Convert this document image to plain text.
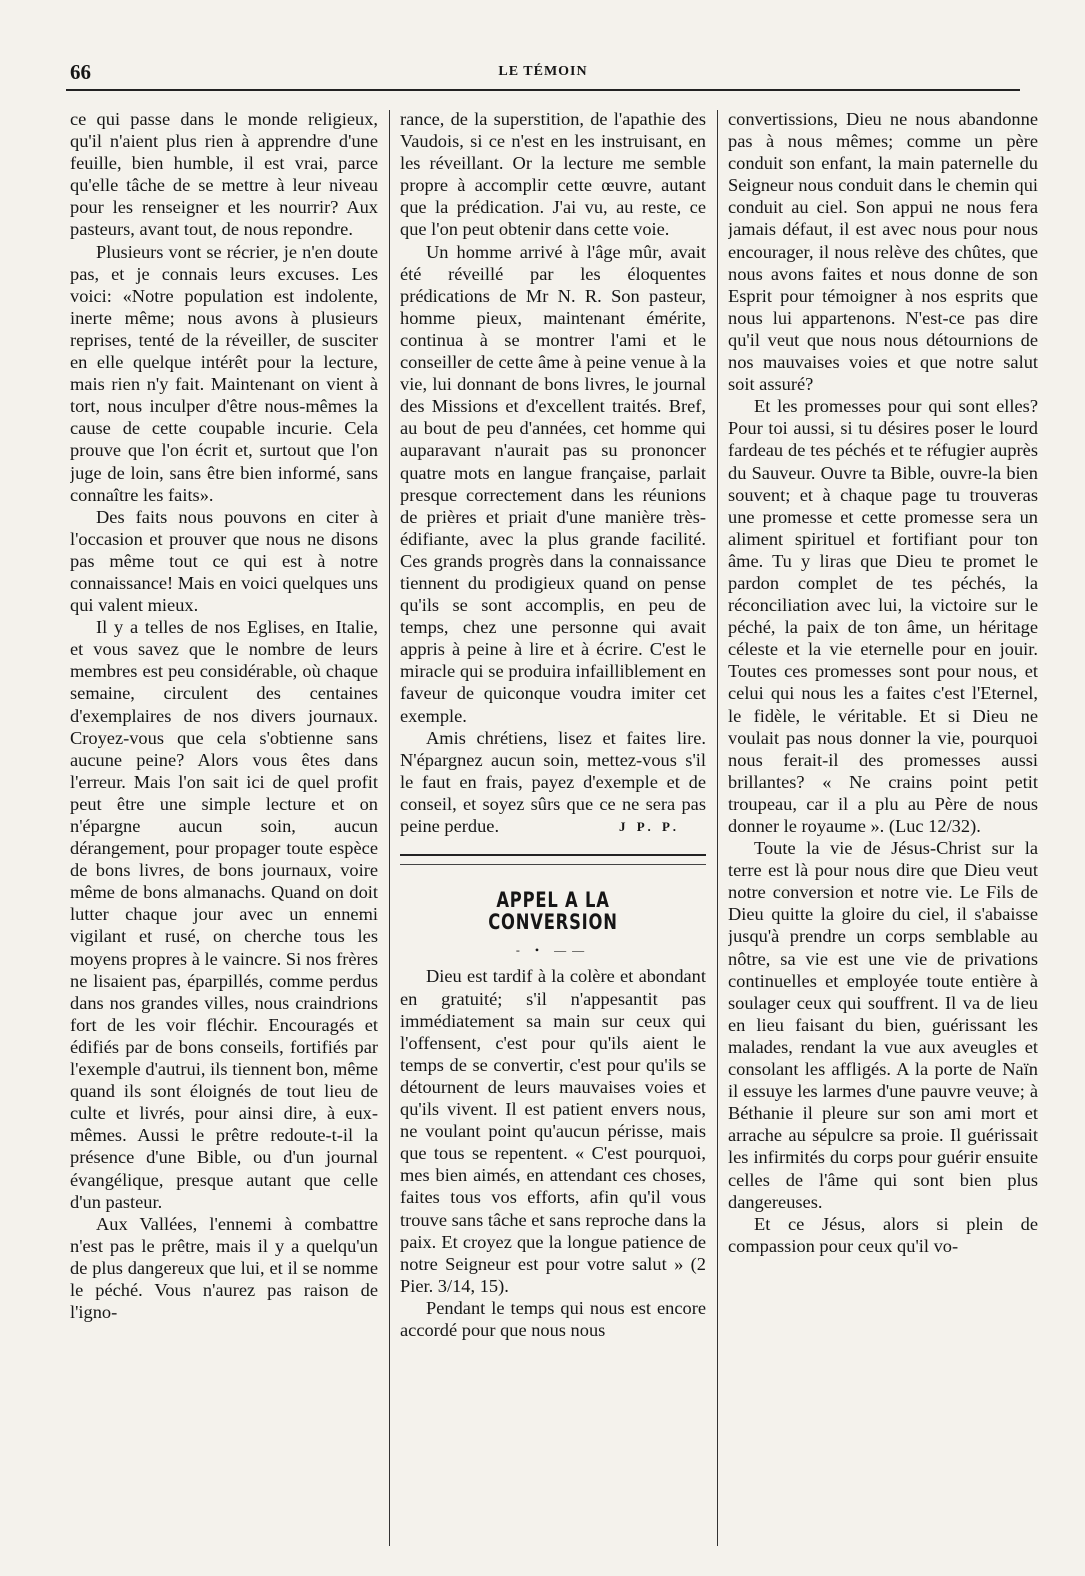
66	LE TÉMOIN

ce qui passe dans le monde religieux, qu'il n'aient plus rien à apprendre d'une feuille, bien humble, il est vrai, parce qu'elle tâche de se mettre à leur niveau pour les renseigner et les nourrir? Aux pasteurs, avant tout, de nous repondre.

Plusieurs vont se récrier, je n'en doute pas, et je connais leurs excuses. Les voici: «Notre population est indolente, inerte même; nous avons à plusieurs reprises, tenté de la réveiller, de susciter en elle quelque intérêt pour la lecture, mais rien n'y fait. Maintenant on vient à tort, nous inculper d'être nous-mêmes la cause de cette coupable incurie. Cela prouve que l'on écrit et, surtout que l'on juge de loin, sans être bien informé, sans connaître les faits».

Des faits nous pouvons en citer à l'occasion et prouver que nous ne disons pas même tout ce qui est à notre connaissance! Mais en voici quelques uns qui valent mieux.

Il y a telles de nos Eglises, en Italie, et vous savez que le nombre de leurs membres est peu considérable, où chaque semaine, circulent des centaines d'exemplaires de nos divers journaux. Croyez-vous que cela s'obtienne sans aucune peine? Alors vous êtes dans l'erreur. Mais l'on sait ici de quel profit peut être une simple lecture et on n'épargne aucun soin, aucun dérangement, pour propager toute espèce de bons livres, de bons journaux, voire même de bons almanachs. Quand on doit lutter chaque jour avec un ennemi vigilant et rusé, on cherche tous les moyens propres à le vaincre. Si nos frères ne lisaient pas, éparpillés, comme perdus dans nos grandes villes, nous craindrions fort de les voir fléchir. Encouragés et édifiés par de bons conseils, fortifiés par l'exemple d'autrui, ils tiennent bon, même quand ils sont éloignés de tout lieu de culte et livrés, pour ainsi dire, à eux-mêmes. Aussi le prêtre redoute-t-il la présence d'une Bible, ou d'un journal évangélique, presque autant que celle d'un pasteur.

Aux Vallées, l'ennemi à combattre n'est pas le prêtre, mais il y a quelqu'un de plus dangereux que lui, et il se nomme le péché. Vous n'aurez pas raison de l'igno-

rance, de la superstition, de l'apathie des Vaudois, si ce n'est en les instruisant, en les réveillant. Or la lecture me semble propre à accomplir cette œuvre, autant que la prédication. J'ai vu, au reste, ce que l'on peut obtenir dans cette voie.

Un homme arrivé à l'âge mûr, avait été réveillé par les éloquentes prédications de Mr N. R. Son pasteur, homme pieux, maintenant émérite, continua à se montrer l'ami et le conseiller de cette âme à peine venue à la vie, lui donnant de bons livres, le journal des Missions et d'excellent traités. Bref, au bout de peu d'années, cet homme qui auparavant n'aurait pas su prononcer quatre mots en langue française, parlait presque correctement dans les réunions de prières et priait d'une manière très-édifiante, avec la plus grande facilité. Ces grands progrès dans la connaissance tiennent du prodigieux quand on pense qu'ils se sont accomplis, en peu de temps, chez une personne qui avait appris à peine à lire et à écrire. C'est le miracle qui se produira infailliblement en faveur de quiconque voudra imiter cet exemple.

Amis chrétiens, lisez et faites lire. N'épargnez aucun soin, mettez-vous s'il le faut en frais, payez d'exemple et de conseil, et soyez sûrs que ce ne sera pas peine perdue.	J P. P.
APPEL A LA CONVERSION
- • ——

Dieu est tardif à la colère et abondant en gratuité; s'il n'appesantit pas immédiatement sa main sur ceux qui l'offensent, c'est pour qu'ils aient le temps de se convertir, c'est pour qu'ils se détournent de leurs mauvaises voies et qu'ils vivent. Il est patient envers nous, ne voulant point qu'aucun périsse, mais que tous se repentent. « C'est pourquoi, mes bien aimés, en attendant ces choses, faites tous vos efforts, afin qu'il vous trouve sans tâche et sans reproche dans la paix. Et croyez que la longue patience de notre Seigneur est pour votre salut » (2 Pier. 3/14, 15).

Pendant le temps qui nous est encore accordé pour que nous nous

convertissions, Dieu ne nous abandonne pas à nous mêmes; comme un père conduit son enfant, la main paternelle du Seigneur nous conduit dans le chemin qui conduit au ciel. Son appui ne nous fera jamais défaut, il est avec nous pour nous encourager, il nous relève des chûtes, que nous avons faites et nous donne de son Esprit pour témoigner à nos esprits que nous lui appartenons. N'est-ce pas dire qu'il veut que nous nous détournions de nos mauvaises voies et que notre salut soit assuré?

Et les promesses pour qui sont elles? Pour toi aussi, si tu désires poser le lourd fardeau de tes péchés et te réfugier auprès du Sauveur. Ouvre ta Bible, ouvre-la bien souvent; et à chaque page tu trouveras une promesse et cette promesse sera un aliment spirituel et fortifiant pour ton âme. Tu y liras que Dieu te promet le pardon complet de tes péchés, la réconciliation avec lui, la victoire sur le péché, la paix de ton âme, un héritage céleste et la vie eternelle pour en jouir. Toutes ces promesses sont pour nous, et celui qui nous les a faites c'est l'Eternel, le fidèle, le véritable. Et si Dieu ne voulait pas nous donner la vie, pourquoi nous ferait-il des promesses aussi brillantes? « Ne crains point petit troupeau, car il a plu au Père de nous donner le royaume ». (Luc 12/32).

Toute la vie de Jésus-Christ sur la terre est là pour nous dire que Dieu veut notre conversion et notre vie. Le Fils de Dieu quitte la gloire du ciel, il s'abaisse jusqu'à prendre un corps semblable au nôtre, sa vie est une vie de privations continuelles et employée toute entière à soulager ceux qui souffrent. Il va de lieu en lieu faisant du bien, guérissant les malades, rendant la vue aux aveugles et consolant les affligés. A la porte de Naïn il essuye les larmes d'une pauvre veuve; à Béthanie il pleure sur son ami mort et arrache au sépulcre sa proie. Il guérissait les infirmités du corps pour guérir ensuite celles de l'âme qui sont bien plus dangereuses.

Et ce Jésus, alors si plein de compassion pour ceux qu'il vo-
